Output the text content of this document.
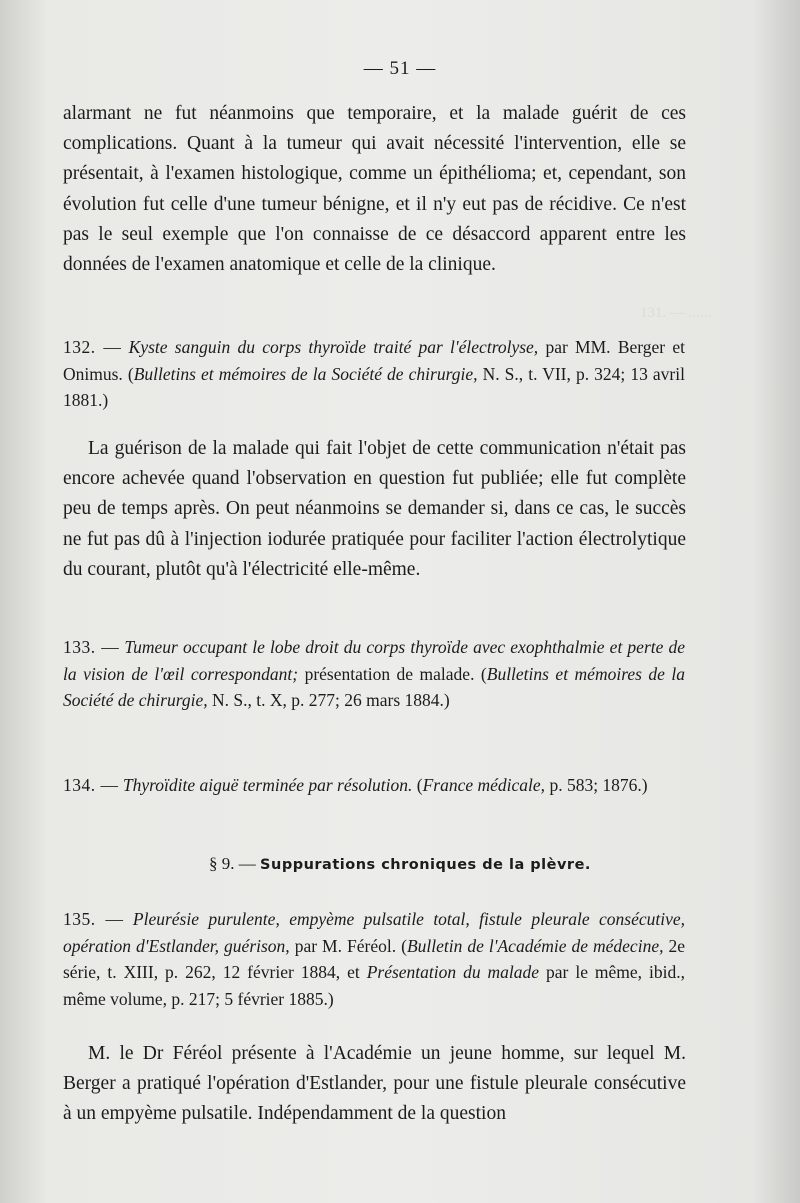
131. — ......
— 51 —
alarmant ne fut néanmoins que temporaire, et la malade guérit de ces complications. Quant à la tumeur qui avait nécessité l'intervention, elle se présentait, à l'examen histologique, comme un épithélioma; et, cependant, son évolution fut celle d'une tumeur bénigne, et il n'y eut pas de récidive. Ce n'est pas le seul exemple que l'on connaisse de ce désaccord apparent entre les données de l'examen anatomique et celle de la clinique.
132. — Kyste sanguin du corps thyroïde traité par l'électrolyse, par MM. Berger et Onimus. (Bulletins et mémoires de la Société de chirurgie, N. S., t. VII, p. 324; 13 avril 1881.)
La guérison de la malade qui fait l'objet de cette communication n'était pas encore achevée quand l'observation en question fut publiée; elle fut complète peu de temps après. On peut néanmoins se demander si, dans ce cas, le succès ne fut pas dû à l'injection iodurée pratiquée pour faciliter l'action électrolytique du courant, plutôt qu'à l'électricité elle-même.
133. — Tumeur occupant le lobe droit du corps thyroïde avec exophthalmie et perte de la vision de l'œil correspondant; présentation de malade. (Bulletins et mémoires de la Société de chirurgie, N. S., t. X, p. 277; 26 mars 1884.)
134. — Thyroïdite aiguë terminée par résolution. (France médicale, p. 583; 1876.)
§ 9. — Suppurations chroniques de la plèvre.
135. — Pleurésie purulente, empyème pulsatile total, fistule pleurale consécutive, opération d'Estlander, guérison, par M. Féréol. (Bulletin de l'Académie de médecine, 2e série, t. XIII, p. 262, 12 février 1884, et Présentation du malade par le même, ibid., même volume, p. 217; 5 février 1885.)
M. le Dr Féréol présente à l'Académie un jeune homme, sur lequel M. Berger a pratiqué l'opération d'Estlander, pour une fistule pleurale consécutive à un empyème pulsatile. Indépendamment de la question
